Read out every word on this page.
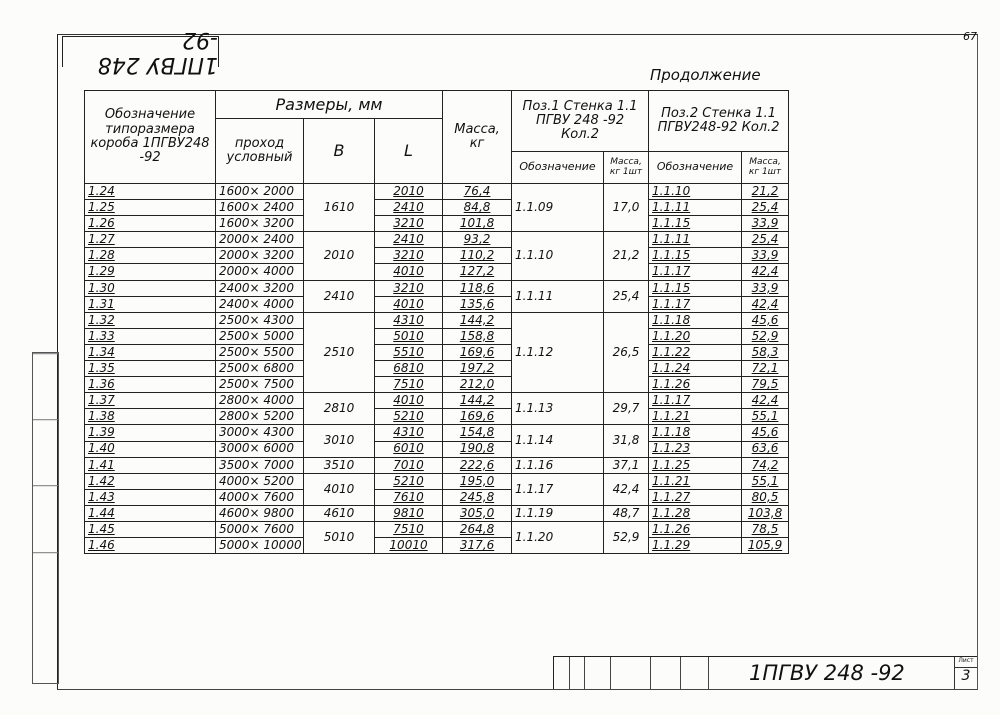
67
1ПГВУ 248 -92
Продолжение
Обозначение типоразмера короба 1ПГВУ248 -92	Размеры, мм			Масса, кг	Поз.1 Стенка 1.1 ПГВУ 248 -92 Кол.2		Поз.2 Стенка 1.1 ПГВУ248-92 Кол.2	
	проход условный	B	L					
					Обозначение	Масса, кг 1шт	Обозначение	Масса, кг 1шт
1.24	1600× 2000	1610	2010	76,4	1.1.09	17,0	1.1.10	21,2
1.25	1600× 2400		2410	84,8			1.1.11	25,4
1.26	1600× 3200		3210	101,8			1.1.15	33,9
1.27	2000× 2400	2010	2410	93,2	1.1.10	21,2	1.1.11	25,4
1.28	2000× 3200		3210	110,2			1.1.15	33,9
1.29	2000× 4000		4010	127,2			1.1.17	42,4
1.30	2400× 3200	2410	3210	118,6	1.1.11	25,4	1.1.15	33,9
1.31	2400× 4000		4010	135,6			1.1.17	42,4
1.32	2500× 4300	2510	4310	144,2	1.1.12	26,5	1.1.18	45,6
1.33	2500× 5000		5010	158,8			1.1.20	52,9
1.34	2500× 5500		5510	169,6			1.1.22	58,3
1.35	2500× 6800		6810	197,2			1.1.24	72,1
1.36	2500× 7500		7510	212,0			1.1.26	79,5
1.37	2800× 4000	2810	4010	144,2	1.1.13	29,7	1.1.17	42,4
1.38	2800× 5200		5210	169,6			1.1.21	55,1
1.39	3000× 4300	3010	4310	154,8	1.1.14	31,8	1.1.18	45,6
1.40	3000× 6000		6010	190,8			1.1.23	63,6
1.41	3500× 7000	3510	7010	222,6	1.1.16	37,1	1.1.25	74,2
1.42	4000× 5200	4010	5210	195,0	1.1.17	42,4	1.1.21	55,1
1.43	4000× 7600		7610	245,8			1.1.27	80,5
1.44	4600× 9800	4610	9810	305,0	1.1.19	48,7	1.1.28	103,8
1.45	5000× 7600	5010	7510	264,8	1.1.20	52,9	1.1.26	78,5
1.46	5000× 10000		10010	317,6			1.1.29	105,9
1ПГВУ 248 -92
Лист
3
